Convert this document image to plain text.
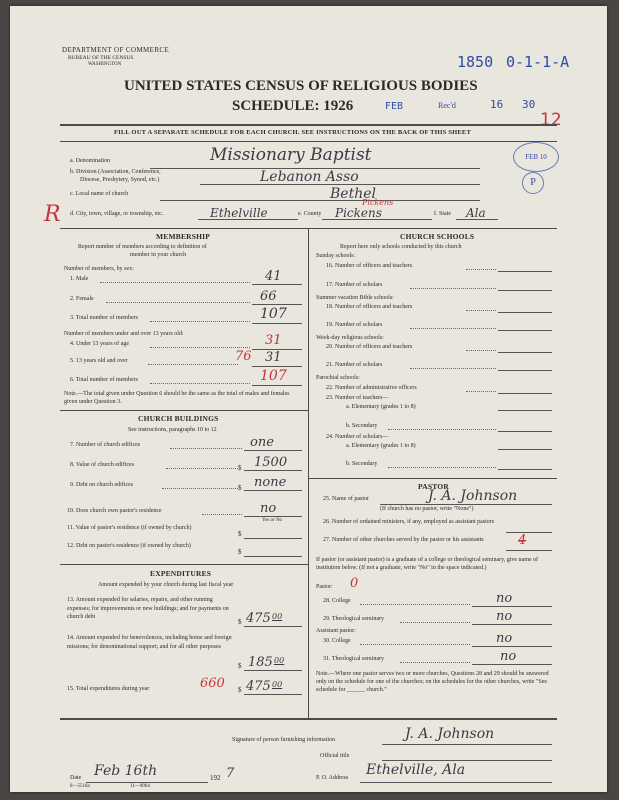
DEPARTMENT OF COMMERCE
BUREAU OF THE CENSUS
WASHINGTON	1850 0-1-1-A
UNITED STATES CENSUS OF RELIGIOUS BODIES
SCHEDULE: 1926	FEB	Rec'd	16 30
12
FILL OUT A SEPARATE SCHEDULE FOR EACH CHURCH. SEE INSTRUCTIONS ON THE BACK OF THIS SHEET
FEB 10
P
a. Denomination	Missionary Baptist
b. Division (Association, Conference,
Diocese, Presbytery, Synod, etc.)	Lebanon Asso
c. Local name of church	Bethel
R d. City, town, village, or township, etc.	Ethelville	e. County Pickens
Pickens
f. State Ala
MEMBERSHIP
Report number of members according to definition of
member in your church
Number of members, by sex:
1. Male	41
2. Female	66
3. Total number of members	107
Number of members under and over 13 years old:
4. Under 13 years of age	31
5. 13 years old and over	76 31
6. Total number of members	107
Note.—The total given under Question 6 should be the same as the total of males and females given under Question 3.
CHURCH BUILDINGS
See instructions, paragraphs 10 to 12
7. Number of church edifices	one
8. Value of church edifices	$ 1500
9. Debt on church edifices	$ none
10. Does church own pastor's residence	no
Yes or No
11. Value of pastor's residence (if owned by church)
$
12. Debt on pastor's residence (if owned by church)
$
EXPENDITURES
Amount expended by your church during last fiscal year
13. Amount expended for salaries, repairs, and other running expenses; for improvements or new buildings; and for payments on church debt
$ 475 00
14. Amount expended for benevolences, including home and foreign missions; for denominational support; and for all other purposes
$ 185 00
15. Total expenditures during year	660 $ 475 00
CHURCH SCHOOLS
Report here only schools conducted by this church
Sunday schools:
16. Number of officers and teachers
17. Number of scholars
Summer vacation Bible schools:
18. Number of officers and teachers
19. Number of scholars
Week-day religious schools:
20. Number of officers and teachers
21. Number of scholars
Parochial schools:
22. Number of administrative officers
23. Number of teachers—
a. Elementary (grades 1 to 8)
b. Secondary
24. Number of scholars—
a. Elementary (grades 1 to 8)
b. Secondary
PASTOR
25. Name of pastor	J. A. Johnson
(If church has no pastor, write "None")
26. Number of ordained ministers, if any, employed as assistant pastors
27. Number of other churches served by the pastor or his assistants	4
If pastor (or assistant pastor) is a graduate of a college or theological seminary, give name of institution below. (If not a graduate, write "No" in the space indicated.)
Pastor: 0
28. College	no
29. Theological seminary	no
Assistant pastor:
30. College	no
31. Theological seminary	no
Note.—Where one pastor serves two or more churches, Questions 28 and 29 should be answered only on the schedule for one of the churches; on the schedules for the other churches, write "See schedule for ______ church."
Signature of person furnishing information	J. A. Johnson
Official title
Date Feb 16th	192 7	P. O. Address Ethelville, Ala
8—5518a	11—9064
